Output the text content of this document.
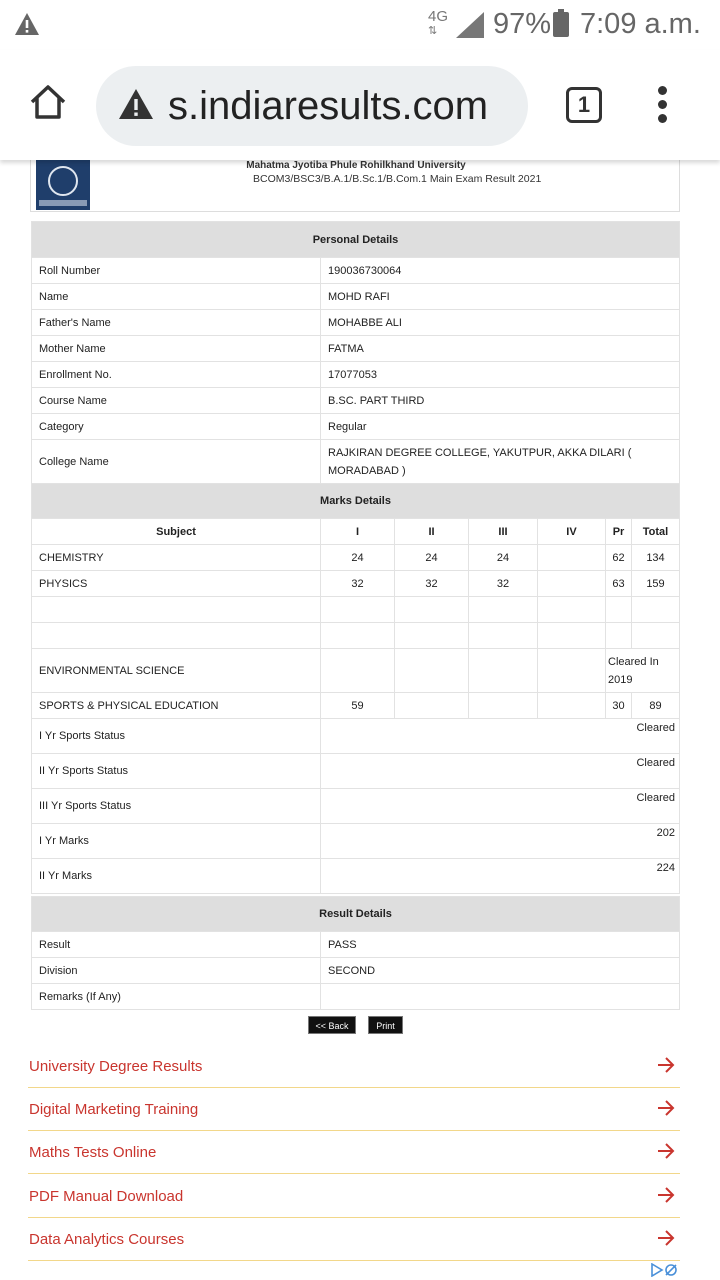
4G
⇅	97% 7:09 a.m.
s.indiaresults.com	1
Mahatma Jyotiba Phule Rohilkhand University
BCOM3/BSC3/B.A.1/B.Sc.1/B.Com.1 Main Exam Result 2021
Personal Details	
Roll Number	190036730064
Name	MOHD RAFI
Father's Name	MOHABBE ALI
Mother Name	FATMA
Enrollment No.	17077053
Course Name	B.SC. PART THIRD
Category	Regular
College Name	RAJKIRAN DEGREE COLLEGE, YAKUTPUR, AKKA DILARI ( MORADABAD )
Marks Details						
Subject	I	II	III	IV	Pr	Total
CHEMISTRY	24	24	24		62	134
PHYSICS	32	32	32		63	159

ENVIRONMENTAL SCIENCE					Cleared In 2019	
SPORTS & PHYSICAL EDUCATION	59				30	89
I Yr Sports Status	Cleared					
II Yr Sports Status	Cleared					
III Yr Sports Status	Cleared					
I Yr Marks	202					
II Yr Marks	224					
Result Details	
Result	PASS
Division	SECOND
Remarks (If Any)	
<< Back	Print
University Degree Results
Digital Marketing Training
Maths Tests Online
PDF Manual Download
Data Analytics Courses
